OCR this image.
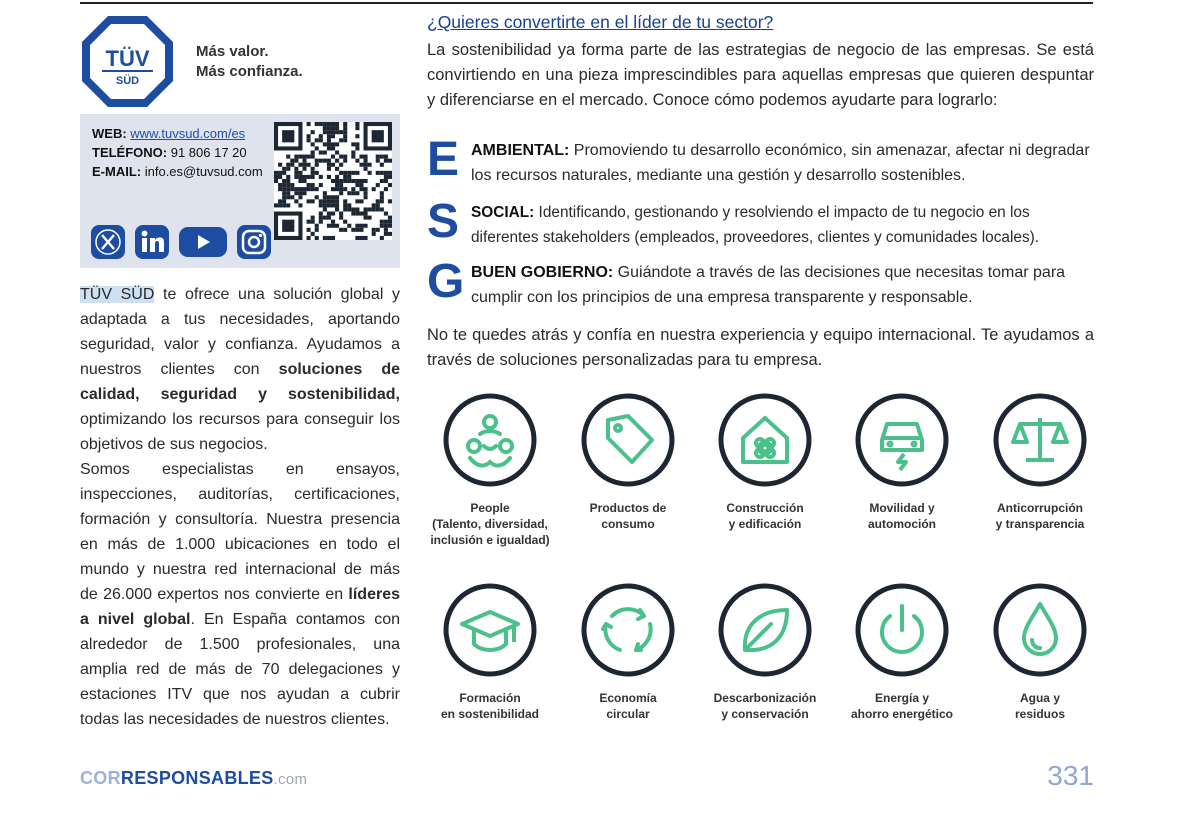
TÜV
SÜD
Más valor.
Más confianza.
WEB: www.tuvsud.com/es
TELÉFONO: 91 806 17 20
E-MAIL: info.es@tuvsud.com

TÜV SÜD te ofrece una solución global y adaptada a tus necesidades, aportando seguridad, valor y confianza. Ayudamos a nuestros clientes con soluciones de calidad, seguridad y sostenibilidad, optimizando los recursos para conseguir los objetivos de sus negocios.

Somos especialistas en ensayos, inspecciones, auditorías, certificaciones, formación y consultoría. Nuestra presencia en más de 1.000 ubicaciones en todo el mundo y nuestra red internacional de más de 26.000 expertos nos convierte en líderes a nivel global. En España contamos con alrededor de 1.500 profesionales, una amplia red de más de 70 delegaciones y estaciones ITV que nos ayudan a cubrir todas las necesidades de nuestros clientes.

¿Quieres convertirte en el líder de tu sector?
La sostenibilidad ya forma parte de las estrategias de negocio de las empresas. Se está convirtiendo en una pieza imprescindibles para aquellas empresas que quieren despuntar y diferenciarse en el mercado. Conoce cómo podemos ayudarte para lograrlo:
E AMBIENTAL: Promoviendo tu desarrollo económico, sin amenazar, afectar ni degradar los recursos naturales, mediante una gestión y desarrollo sostenibles.
S SOCIAL: Identificando, gestionando y resolviendo el impacto de tu negocio en los diferentes stakeholders (empleados, proveedores, clientes y comunidades locales).
G BUEN GOBIERNO: Guiándote a través de las decisiones que necesitas tomar para cumplir con los principios de una empresa transparente y responsable.
No te quedes atrás y confía en nuestra experiencia y equipo internacional. Te ayudamos a través de soluciones personalizadas para tu empresa.
People
(Talento, diversidad,
inclusión e igualdad)
Productos de
consumo
Construcción
y edificación
Movilidad y
automoción
Anticorrupción
y transparencia
Formación
en sostenibilidad
Economía
circular
Descarbonización
y conservación
Energía y
ahorro energético
Agua y
residuos
CORRESPONSABLES.com	331
